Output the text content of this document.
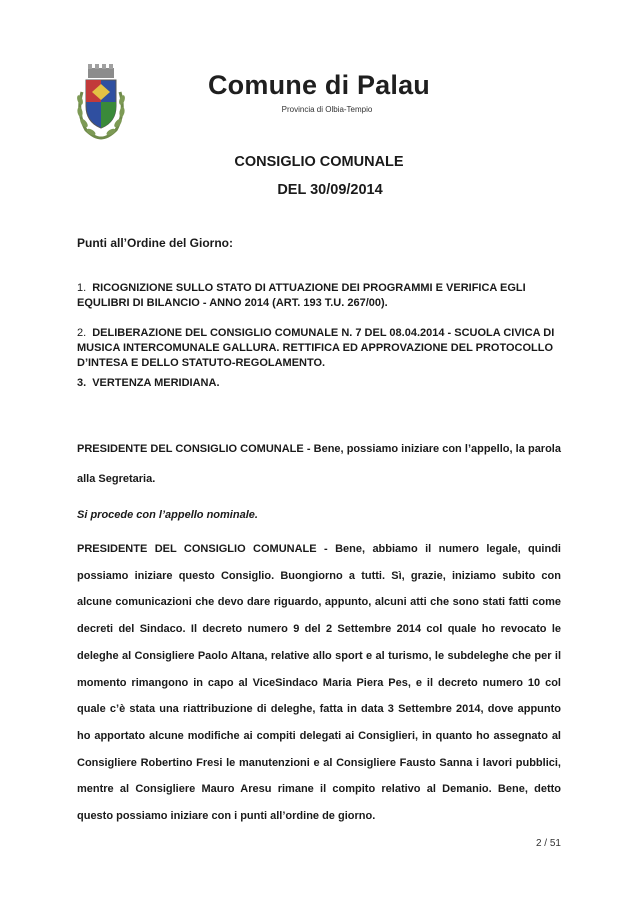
Comune di Palau
Provincia di Olbia-Tempio
CONSIGLIO COMUNALE
DEL 30/09/2014
Punti all’Ordine del Giorno:
1. RICOGNIZIONE SULLO STATO DI ATTUAZIONE DEI PROGRAMMI E VERIFICA EGLI EQULIBRI DI BILANCIO - ANNO 2014 (ART. 193 T.U. 267/00).
2. DELIBERAZIONE DEL CONSIGLIO COMUNALE N. 7 DEL 08.04.2014 - SCUOLA CIVICA DI MUSICA INTERCOMUNALE GALLURA. RETTIFICA ED APPROVAZIONE DEL PROTOCOLLO D’INTESA E DELLO STATUTO-REGOLAMENTO.
3. VERTENZA MERIDIANA.
PRESIDENTE DEL CONSIGLIO COMUNALE - Bene, possiamo iniziare con l’appello, la parola alla Segretaria.
Si procede con l’appello nominale.
PRESIDENTE DEL CONSIGLIO COMUNALE - Bene, abbiamo il numero legale, quindi possiamo iniziare questo Consiglio. Buongiorno a tutti. Sì, grazie, iniziamo subito con alcune comunicazioni che devo dare riguardo, appunto, alcuni atti che sono stati fatti come decreti del Sindaco. Il decreto numero 9 del 2 Settembre 2014 col quale ho revocato le deleghe al Consigliere Paolo Altana, relative allo sport e al turismo, le subdeleghe che per il momento rimangono in capo al ViceSindaco Maria Piera Pes, e il decreto numero 10 col quale c’è stata una riattribuzione di deleghe, fatta in data 3 Settembre 2014, dove appunto ho apportato alcune modifiche ai compiti delegati ai Consiglieri, in quanto ho assegnato al Consigliere Robertino Fresi le manutenzioni e al Consigliere Fausto Sanna i lavori pubblici, mentre al Consigliere Mauro Aresu rimane il compito relativo al Demanio. Bene, detto questo possiamo iniziare con i punti all’ordine de giorno.
2 / 51
